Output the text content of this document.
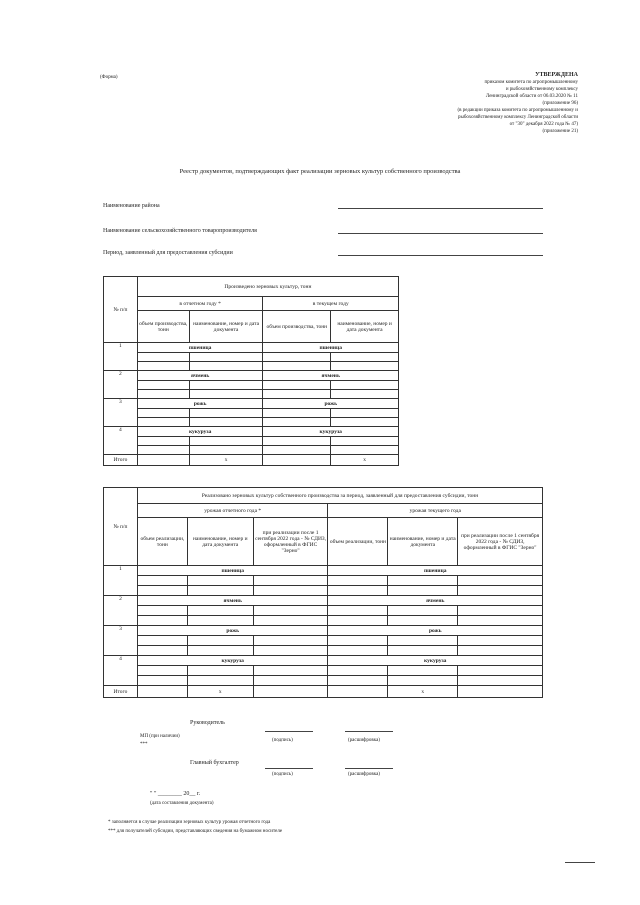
(Форма)	УТВЕРЖДЕНА
приказом комитета по агропромышленному
и рыбохозяйственному комплексу
Ленинградской области от 06.03.2020 № 11
(приложение 96)
(в редакции приказа комитета по агропромышленному и
рыбохозяйственному комплексу Ленинградской области
от "30" декабря 2022 года № 47)
(приложение 21)
Реестр документов, подтверждающих факт реализации зерновых культур собственного производства
Наименование района
Наименование сельскохозяйственного товаропроизводителя
Период, заявленный для предоставления субсидии
№ п/п	Произведено зерновых культур, тонн			
	в отчетном году *		в текущем году	
	объем производства, тонн	наименование, номер и дата документа	объем производства, тонн	наименование, номер и дата документа
1	пшеница		пшеница	

2	ячмень		ячмень	

3	рожь		рожь	

4	кукуруза		кукуруза	

Итого		х		х
№ п/п	Реализовано зерновых культур собственного производства за период, заявленный для предоставления субсидии, тонн					
	урожая отчетного года *			урожая текущего года		
	объем реализации, тонн	наименование, номер и дата документа	при реализации после 1 сентября 2022 года - № СДИЗ, оформленный в ФГИС "Зерно"	объем реализации, тонн	наименование, номер и дата документа	при реализации после 1 сентября 2022 года - № СДИЗ, оформленный в ФГИС "Зерно"
1	пшеница			пшеница		

2	ячмень			ячмень		

3	рожь			рожь		

4	кукуруза			кукуруза		

Итого		х			х	
Руководитель
МП (при наличии)
***
(подпись)	(расшифровка)
Главный бухгалтер
(подпись)	(расшифровка)
" " ________ 20__ г.
(дата составления документа)
* заполняется в случае реализации зерновых культур урожая отчетного года
*** для получателей субсидии, представляющих сведения на бумажном носителе
